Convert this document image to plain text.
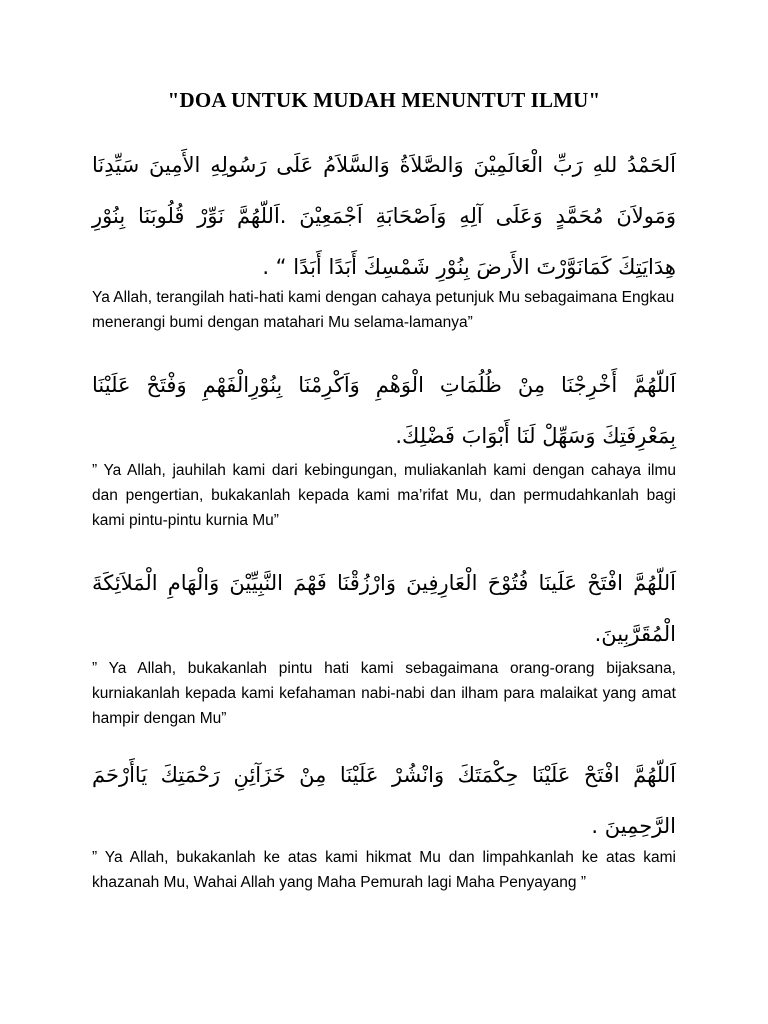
"DOA UNTUK MUDAH MENUNTUT ILMU"

اَلحَمْدُ للهِ رَبِّ الْعَالَمِيْنَ وَالصَّلاَةُ وَالسَّلاَمُ عَلَى رَسُولِهِ الأَمِينَ سَيِّدِنَا وَمَولاَنَ مُحَمَّدٍ وَعَلَى آلِهِ وَاَصْحَابَةِ اَجْمَعِيْنَ .اَللّهُمَّ نَوِّرْ قُلُوبَنَا بِنُوْرِ هِدَايَتِكَ كَمَانَوَّرْتَ الأَرضَ بِنُوْرِ شَمْسِكَ أَبَدًا أَبَدًا “ .

Ya Allah, terangilah hati-hati kami dengan cahaya petunjuk Mu sebagaimana Engkau menerangi bumi dengan matahari Mu selama-lamanya”

اَللّهُمَّ أَخْرِجْنَا مِنْ ظُلُمَاتِ الْوَهْمِ وَاَكْرِمْنَا بِنُوْرِالْفَهْمِ وَفْتَحْ عَلَيْنَا بِمَعْرِفَتِكَ وَسَهِّلْ لَنَا أَبْوَابَ فَضْلِكَ.

” Ya Allah, jauhilah kami dari kebingungan, muliakanlah kami dengan cahaya ilmu dan pengertian, bukakanlah kepada kami ma’rifat Mu, dan permudahkanlah bagi kami pintu-pintu kurnia Mu”

اَللّهُمَّ افْتَحْ عَلَينَا فُتُوْحَ الْعَارِفِينَ وَارْزُقْنَا فَهْمَ النَّبِيِّيْنَ وَالْهَامِ الْمَلاَئِكَةَ الْمُقَرَّبِينَ.

” Ya Allah, bukakanlah pintu hati kami sebagaimana orang-orang bijaksana, kurniakanlah kepada kami kefahaman nabi-nabi dan ilham para malaikat yang amat hampir dengan Mu”

اَللّهُمَّ افْتَحْ عَلَيْنَا حِكْمَتَكَ وَانْشُرْ عَلَيْنَا مِنْ خَزَآئِنِ رَحْمَتِكَ يَاأَرْحَمَ الرَّحِمِينَ .

” Ya Allah, bukakanlah ke atas kami hikmat Mu dan limpahkanlah ke atas kami khazanah Mu, Wahai Allah yang Maha Pemurah lagi Maha Penyayang ”
